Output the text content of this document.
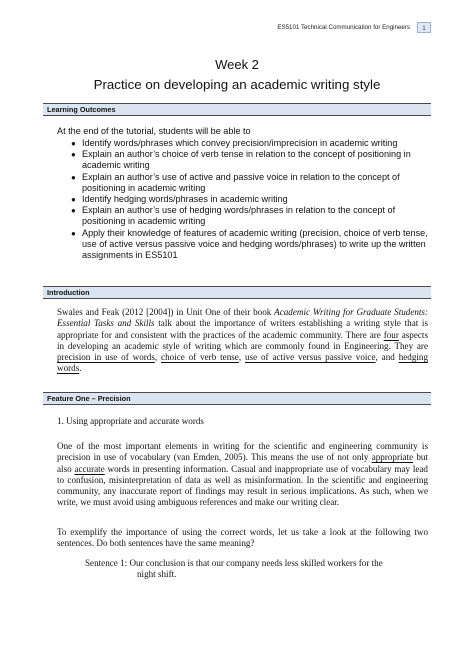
ES5101 Technical Communication for Engineers	1
Week 2
Practice on developing an academic writing style
Learning Outcomes
At the end of the tutorial, students will be able to
● Identify words/phrases which convey precision/imprecision in academic writing
● Explain an author’s choice of verb tense in relation to the concept of positioning in academic writing
● Explain an author’s use of active and passive voice in relation to the concept of positioning in academic writing
● Identify hedging words/phrases in academic writing
● Explain an author’s use of hedging words/phrases in relation to the concept of positioning in academic writing
● Apply their knowledge of features of academic writing (precision, choice of verb tense, use of active versus passive voice and hedging words/phrases) to write up the written assignments in ES5101
Introduction

Swales and Feak (2012 [2004]) in Unit One of their book Academic Writing for Graduate Students: Essential Tasks and Skills talk about the importance of writers establishing a writing style that is appropriate for and consistent with the practices of the academic community. There are four aspects in developing an academic style of writing which are commonly found in Engineering. They are precision in use of words, choice of verb tense, use of active versus passive voice, and hedging words.

Feature One – Precision
1. Using appropriate and accurate words

One of the most important elements in writing for the scientific and engineering community is precision in use of vocabulary (van Emden, 2005). This means the use of not only appropriate but also accurate words in presenting information. Casual and inappropriate use of vocabulary may lead to confusion, misinterpretation of data as well as misinformation. In the scientific and engineering community, any inaccurate report of findings may result in serious implications. As such, when we write, we must avoid using ambiguous references and make our writing clear.

To exemplify the importance of using the correct words, let us take a look at the following two sentences. Do both sentences have the same meaning?

Sentence 1: Our conclusion is that our company needs less skilled workers for the
night shift.
